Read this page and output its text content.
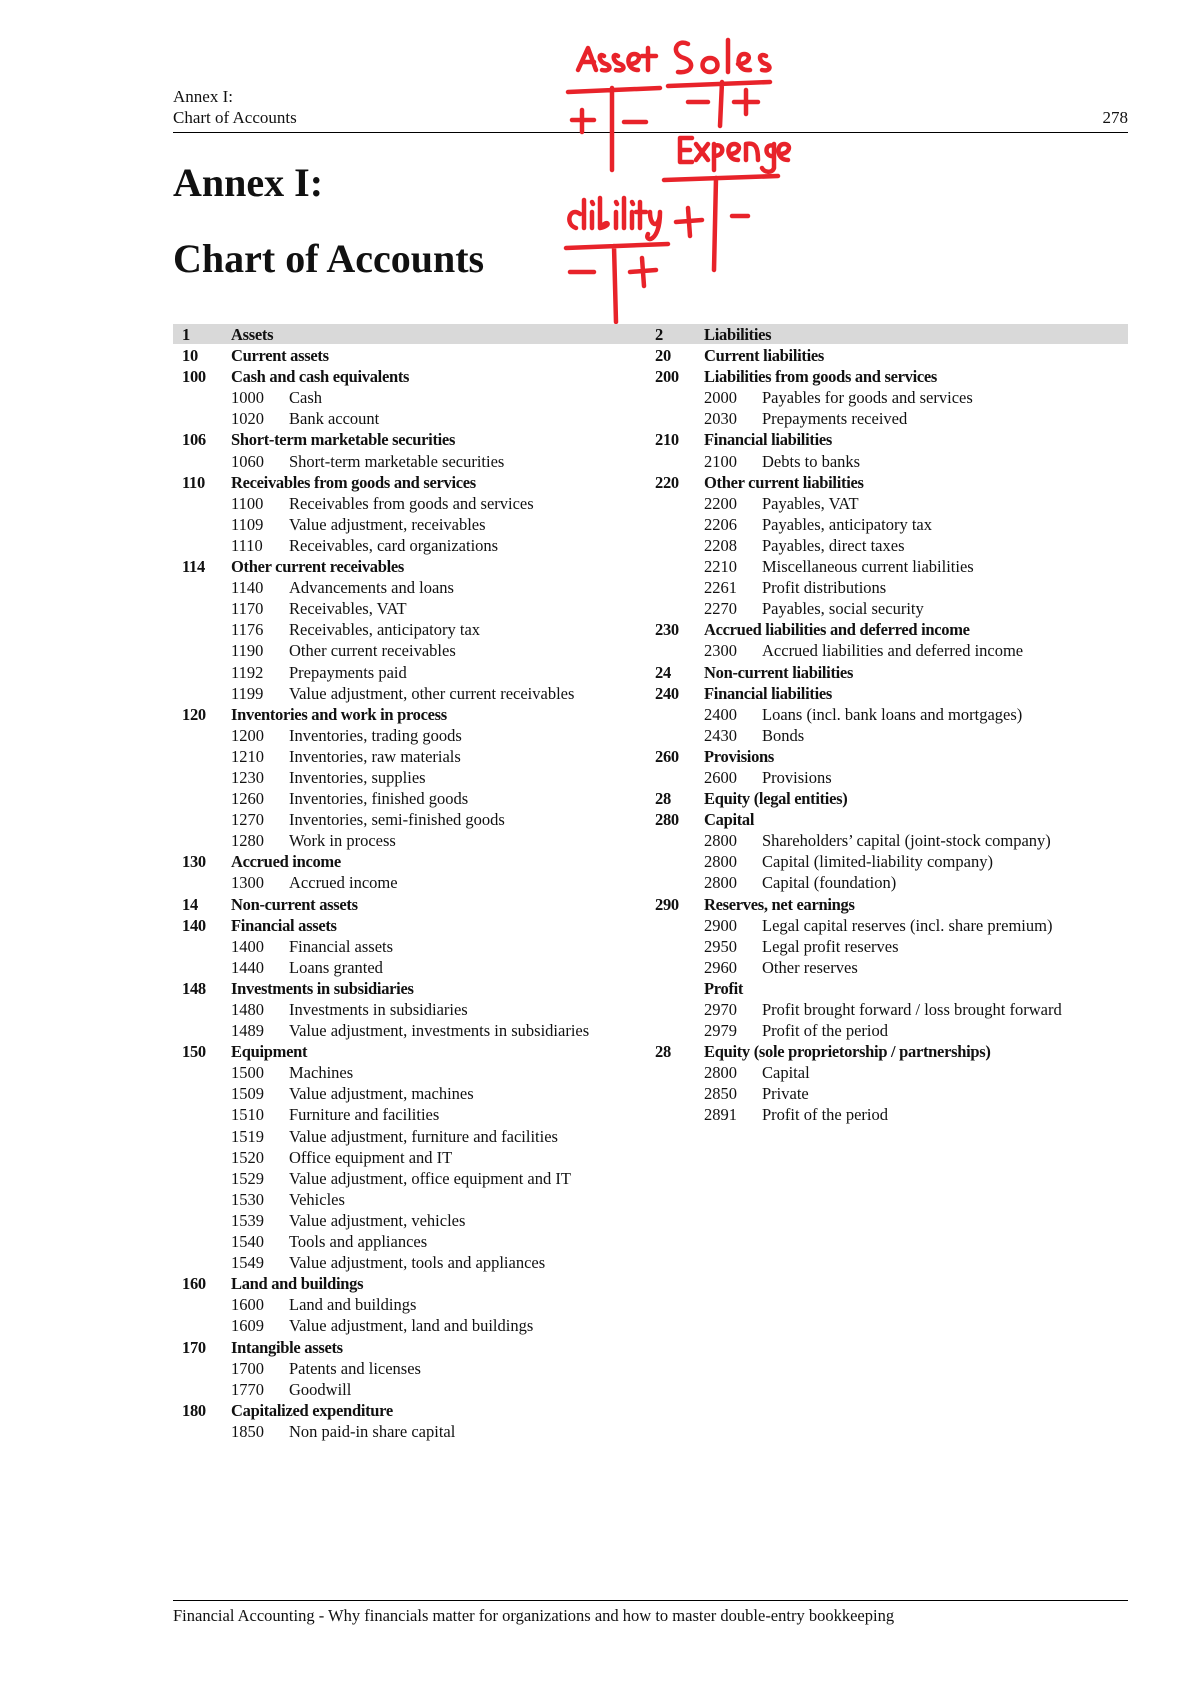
Annex I:
Chart of Accounts	278
Annex I:
Chart of Accounts
1 Assets
10 Current assets
100 Cash and cash equivalents
1000 Cash
1020 Bank account
106 Short-term marketable securities
1060 Short-term marketable securities
110 Receivables from goods and services
1100 Receivables from goods and services
1109 Value adjustment, receivables
1110 Receivables, card organizations
114 Other current receivables
1140 Advancements and loans
1170 Receivables, VAT
1176 Receivables, anticipatory tax
1190 Other current receivables
1192 Prepayments paid
1199 Value adjustment, other current receivables
120 Inventories and work in process
1200 Inventories, trading goods
1210 Inventories, raw materials
1230 Inventories, supplies
1260 Inventories, finished goods
1270 Inventories, semi-finished goods
1280 Work in process
130 Accrued income
1300 Accrued income
14 Non-current assets
140 Financial assets
1400 Financial assets
1440 Loans granted
148 Investments in subsidiaries
1480 Investments in subsidiaries
1489 Value adjustment, investments in subsidiaries
150 Equipment
1500 Machines
1509 Value adjustment, machines
1510 Furniture and facilities
1519 Value adjustment, furniture and facilities
1520 Office equipment and IT
1529 Value adjustment, office equipment and IT
1530 Vehicles
1539 Value adjustment, vehicles
1540 Tools and appliances
1549 Value adjustment, tools and appliances
160 Land and buildings
1600 Land and buildings
1609 Value adjustment, land and buildings
170 Intangible assets
1700 Patents and licenses
1770 Goodwill
180 Capitalized expenditure
1850 Non paid-in share capital
2 Liabilities
20 Current liabilities
200 Liabilities from goods and services
2000 Payables for goods and services
2030 Prepayments received
210 Financial liabilities
2100 Debts to banks
220 Other current liabilities
2200 Payables, VAT
2206 Payables, anticipatory tax
2208 Payables, direct taxes
2210 Miscellaneous current liabilities
2261 Profit distributions
2270 Payables, social security
230 Accrued liabilities and deferred income
2300 Accrued liabilities and deferred income
24 Non-current liabilities
240 Financial liabilities
2400 Loans (incl. bank loans and mortgages)
2430 Bonds
260 Provisions
2600 Provisions
28 Equity (legal entities)
280 Capital
2800 Shareholders’ capital (joint-stock company)
2800 Capital (limited-liability company)
2800 Capital (foundation)
290 Reserves, net earnings
2900 Legal capital reserves (incl. share premium)
2950 Legal profit reserves
2960 Other reserves
Profit
2970 Profit brought forward / loss brought forward
2979 Profit of the period
28 Equity (sole proprietorship / partnerships)
2800 Capital
2850 Private
2891 Profit of the period
Financial Accounting - Why financials matter for organizations and how to master double-entry bookkeeping
